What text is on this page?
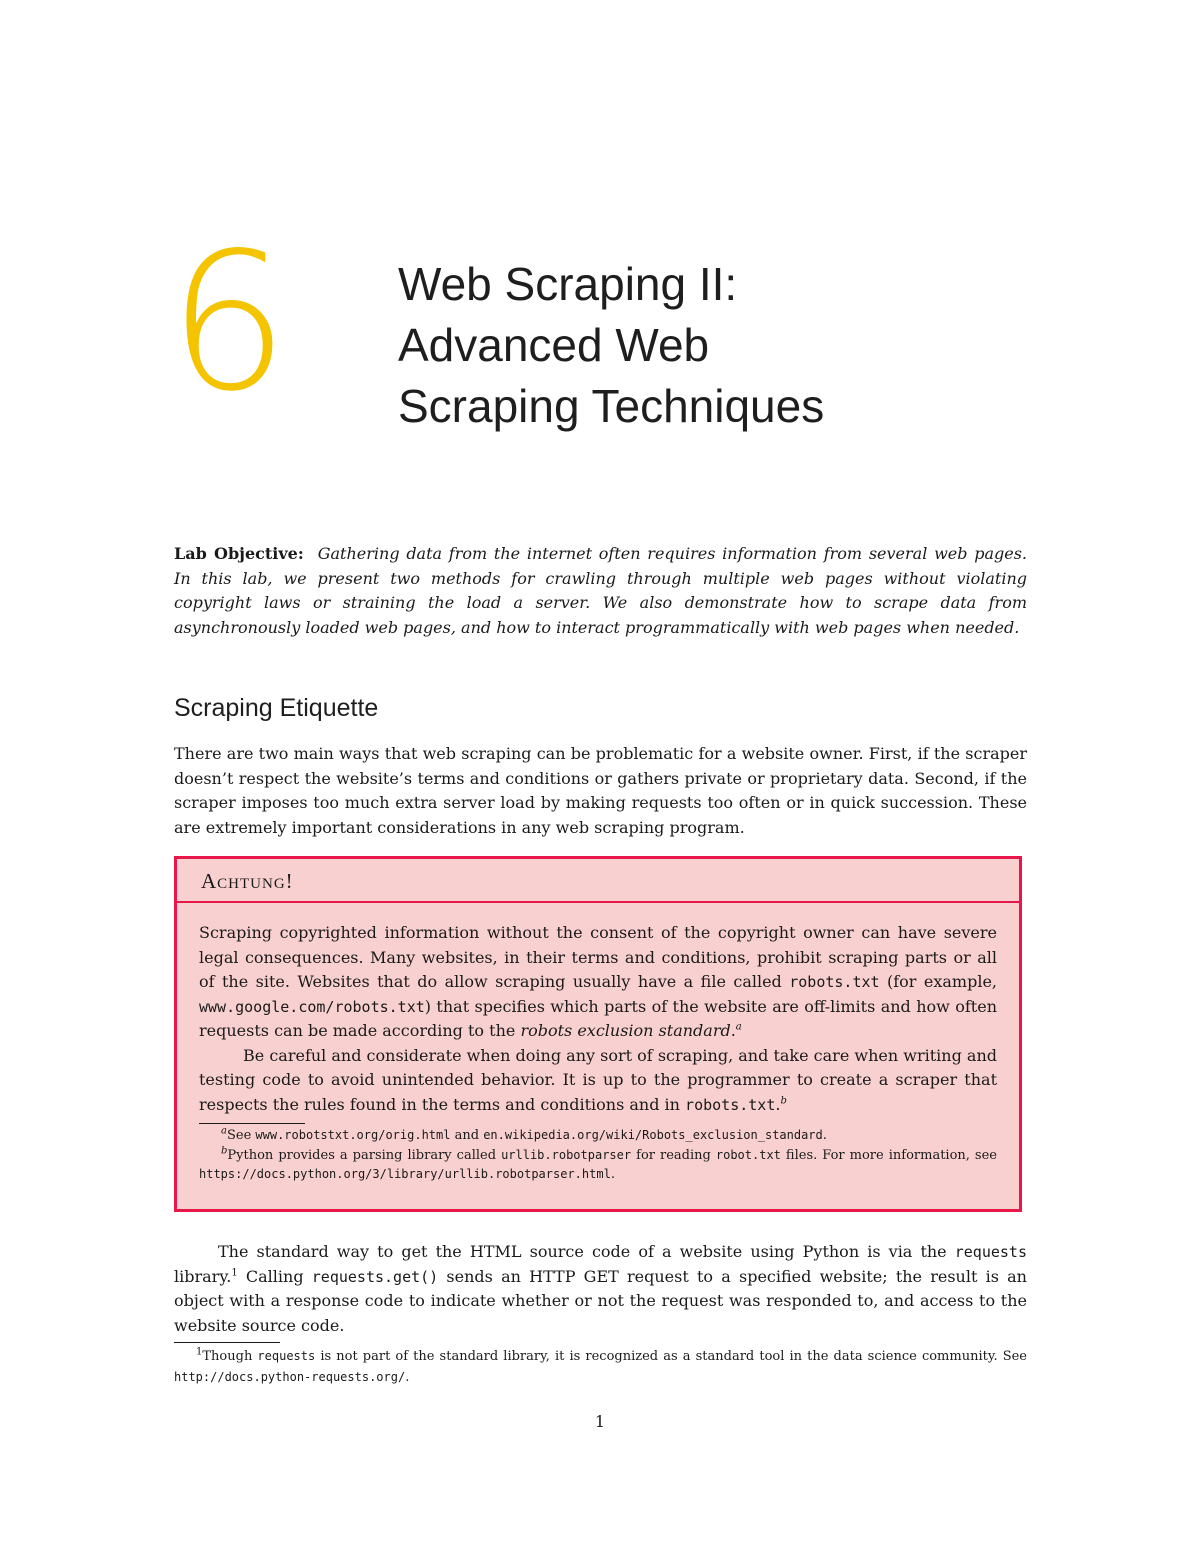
6 Web Scraping II:
Advanced Web
Scraping Techniques

Lab Objective: Gathering data from the internet often requires information from several web pages. In this lab, we present two methods for crawling through multiple web pages without violating copyright laws or straining the load a server. We also demonstrate how to scrape data from asynchronously loaded web pages, and how to interact programmatically with web pages when needed.

Scraping Etiquette

There are two main ways that web scraping can be problematic for a website owner. First, if the scraper doesn’t respect the website’s terms and conditions or gathers private or proprietary data. Second, if the scraper imposes too much extra server load by making requests too often or in quick succession. These are extremely important considerations in any web scraping program.

Achtung!

Scraping copyrighted information without the consent of the copyright owner can have severe legal consequences. Many websites, in their terms and conditions, prohibit scraping parts or all of the site. Websites that do allow scraping usually have a file called robots.txt (for example, www.google.com/robots.txt) that specifies which parts of the website are off-limits and how often requests can be made according to the robots exclusion standard.$^a$

Be careful and considerate when doing any sort of scraping, and take care when writing and testing code to avoid unintended behavior. It is up to the programmer to create a scraper that respects the rules found in the terms and conditions and in robots.txt.$^b$

$^a$See www.robotstxt.org/orig.html and en.wikipedia.org/wiki/Robots_exclusion_standard.

$^b$Python provides a parsing library called urllib.robotparser for reading robot.txt files. For more information, see https://docs.python.org/3/library/urllib.robotparser.html.

The standard way to get the HTML source code of a website using Python is via the requests library.$^1$ Calling requests.get() sends an HTTP GET request to a specified website; the result is an object with a response code to indicate whether or not the request was responded to, and access to the website source code.

$^1$Though requests is not part of the standard library, it is recognized as a standard tool in the data science community. See http://docs.python-requests.org/.

1
